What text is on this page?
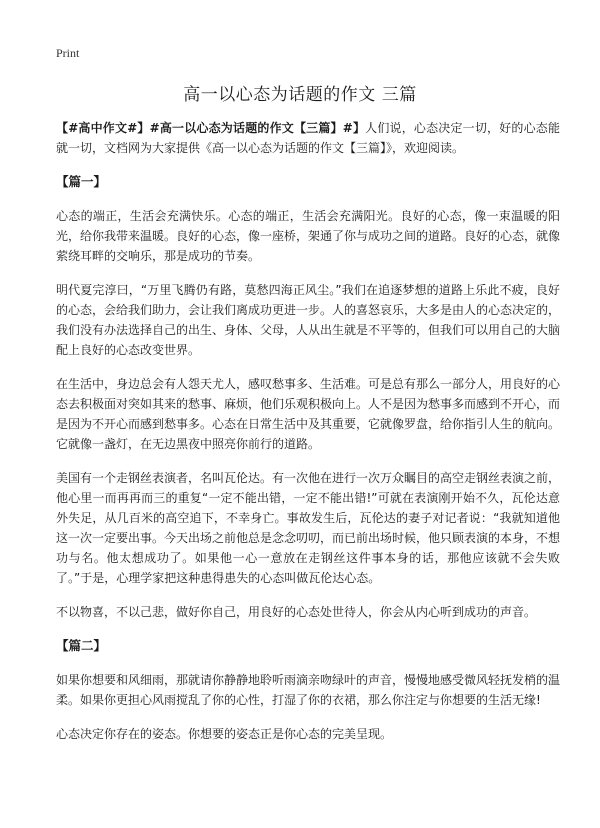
Print
高一以心态为话题的作文 三篇

【#高中作文#】#高一以心态为话题的作文【三篇】#】人们说，心态决定一切，好的心态能就一切，文档网为大家提供《高一以心态为话题的作文【三篇】》，欢迎阅读。

【篇一】

心态的端正，生活会充满快乐。心态的端正，生活会充满阳光。良好的心态，像一束温暖的阳光，给你我带来温暖。良好的心态，像一座桥，架通了你与成功之间的道路。良好的心态，就像萦绕耳畔的交响乐，那是成功的节奏。

明代夏完淳曰，“万里飞腾仍有路，莫愁四海正风尘。”我们在追逐梦想的道路上乐此不疲，良好的心态，会给我们助力，会让我们离成功更进一步。人的喜怒哀乐，大多是由人的心态决定的，我们没有办法选择自己的出生、身体、父母，人从出生就是不平等的，但我们可以用自己的大脑配上良好的心态改变世界。

在生活中，身边总会有人怨天尤人，感叹愁事多、生活难。可是总有那么一部分人，用良好的心态去积极面对突如其来的愁事、麻烦，他们乐观积极向上。人不是因为愁事多而感到不开心，而是因为不开心而感到愁事多。心态在日常生活中及其重要，它就像罗盘，给你指引人生的航向。它就像一盏灯，在无边黑夜中照亮你前行的道路。

美国有一个走钢丝表演者，名叫瓦伦达。有一次他在进行一次万众瞩目的高空走钢丝表演之前，他心里一而再再而三的重复“一定不能出错，一定不能出错!”可就在表演刚开始不久，瓦伦达意外失足，从几百米的高空追下，不幸身亡。事故发生后，瓦伦达的妻子对记者说：“我就知道他这一次一定要出事。今天出场之前他总是念念叨叨，而已前出场时候，他只顾表演的本身，不想功与名。他太想成功了。如果他一心一意放在走钢丝这件事本身的话，那他应该就不会失败了。”于是，心理学家把这种患得患失的心态叫做瓦伦达心态。

不以物喜，不以己悲，做好你自己，用良好的心态处世待人，你会从内心听到成功的声音。

【篇二】

如果你想要和风细雨，那就请你静静地聆听雨滴亲吻绿叶的声音，慢慢地感受微风轻抚发梢的温柔。如果你更担心风雨搅乱了你的心性，打湿了你的衣裙，那么你注定与你想要的生活无缘!

心态决定你存在的姿态。你想要的姿态正是你心态的完美呈现。
